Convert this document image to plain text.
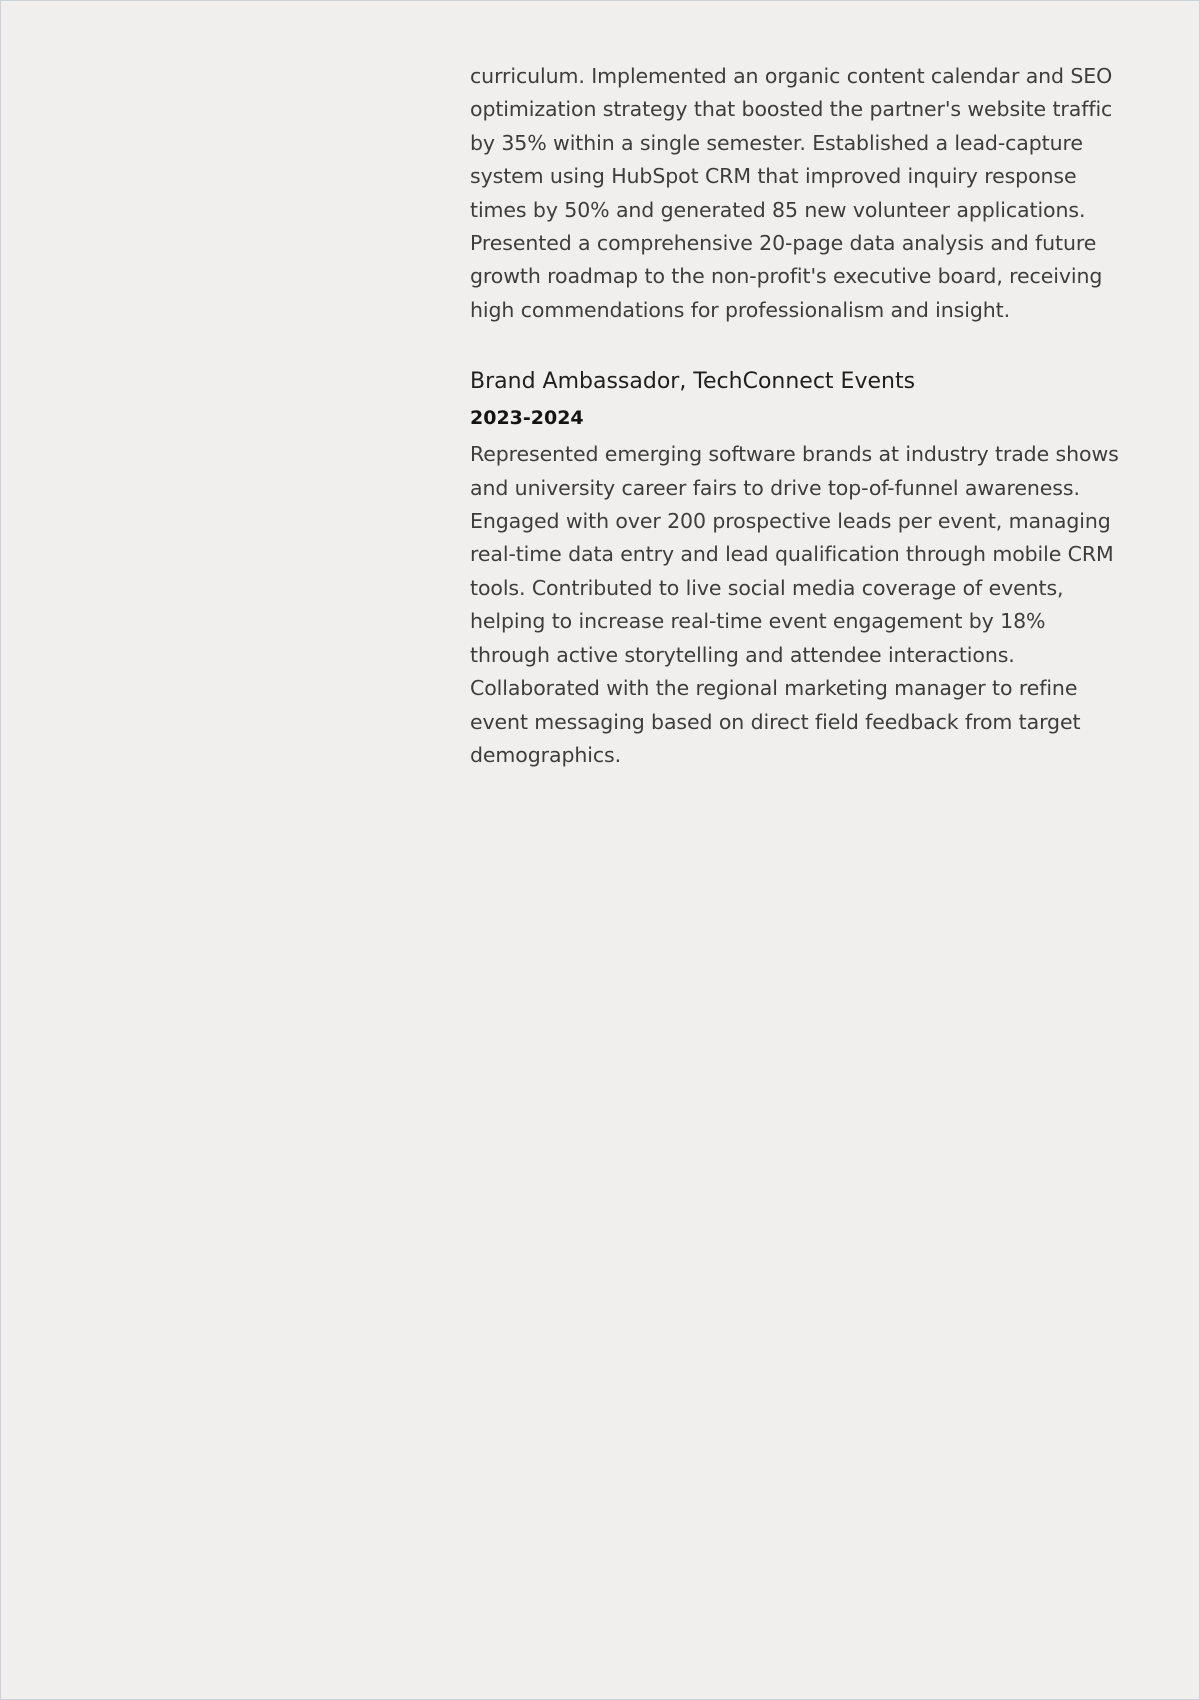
curriculum. Implemented an organic content calendar and SEO optimization strategy that boosted the partner's website traffic by 35% within a single semester. Established a lead-capture system using HubSpot CRM that improved inquiry response times by 50% and generated 85 new volunteer applications. Presented a comprehensive 20-page data analysis and future growth roadmap to the non-profit's executive board, receiving high commendations for professionalism and insight.

Brand Ambassador, TechConnect Events
2023-2024

Represented emerging software brands at industry trade shows and university career fairs to drive top-of-funnel awareness. Engaged with over 200 prospective leads per event, managing real-time data entry and lead qualification through mobile CRM tools. Contributed to live social media coverage of events, helping to increase real-time event engagement by 18% through active storytelling and attendee interactions. Collaborated with the regional marketing manager to refine event messaging based on direct field feedback from target demographics.
